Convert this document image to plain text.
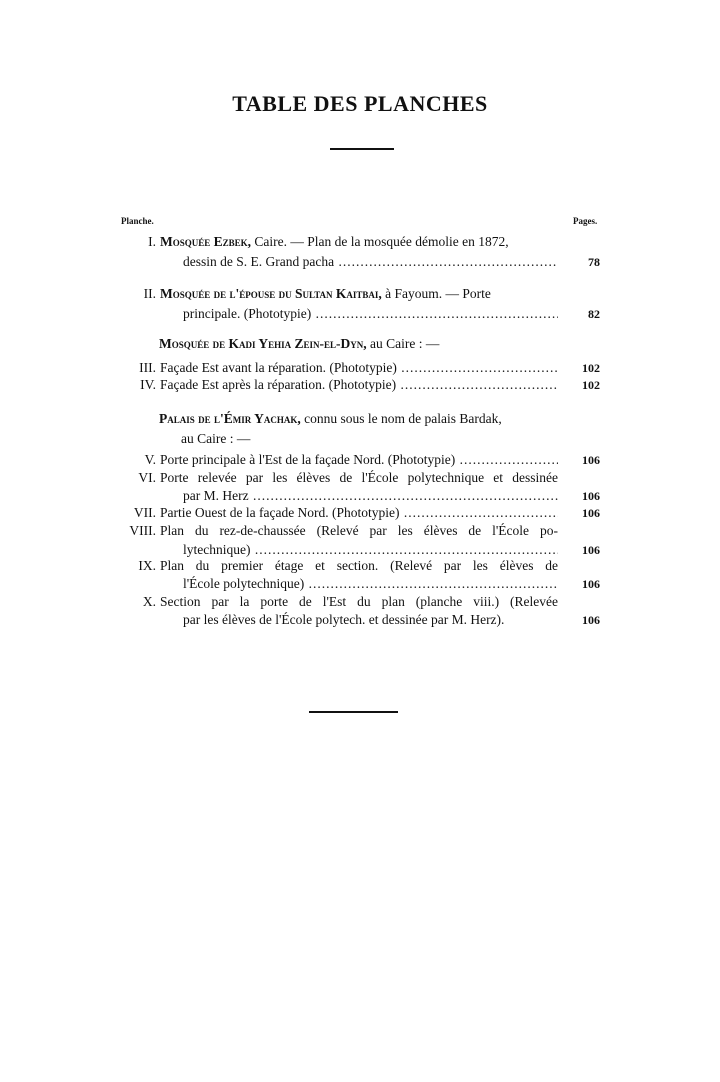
TABLE DES PLANCHES
Planche.	Pages.
I. Mosquée Ezbek, Caire. — Plan de la mosquée démolie en 1872,
dessin de S. E. Grand pacha .....	78
II. Mosquée de l'épouse du Sultan Kaitbai, à Fayoum. — Porte
principale. (Phototypie) .....	82
Mosquée de Kadi Yehia Zein-el-Dyn, au Caire : —
III. Façade Est avant la réparation. (Phototypie) .....	102
IV. Façade Est après la réparation. (Phototypie) .....	102
Palais de l'Émir Yachak, connu sous le nom de palais Bardak,
au Caire : —
V. Porte principale à l'Est de la façade Nord. (Phototypie) .....	106
VI. Porte relevée par les élèves de l'École polytechnique et dessinée
par M. Herz .....	106
VII. Partie Ouest de la façade Nord. (Phototypie) .....	106
VIII. Plan du rez-de-chaussée (Relevé par les élèves de l'École po-
lytechnique) .....	106
IX. Plan du premier étage et section. (Relevé par les élèves de
l'École polytechnique) .....	106
X. Section par la porte de l'Est du plan (planche viii.) (Relevée
par les élèves de l'École polytech. et dessinée par M. Herz).	106
